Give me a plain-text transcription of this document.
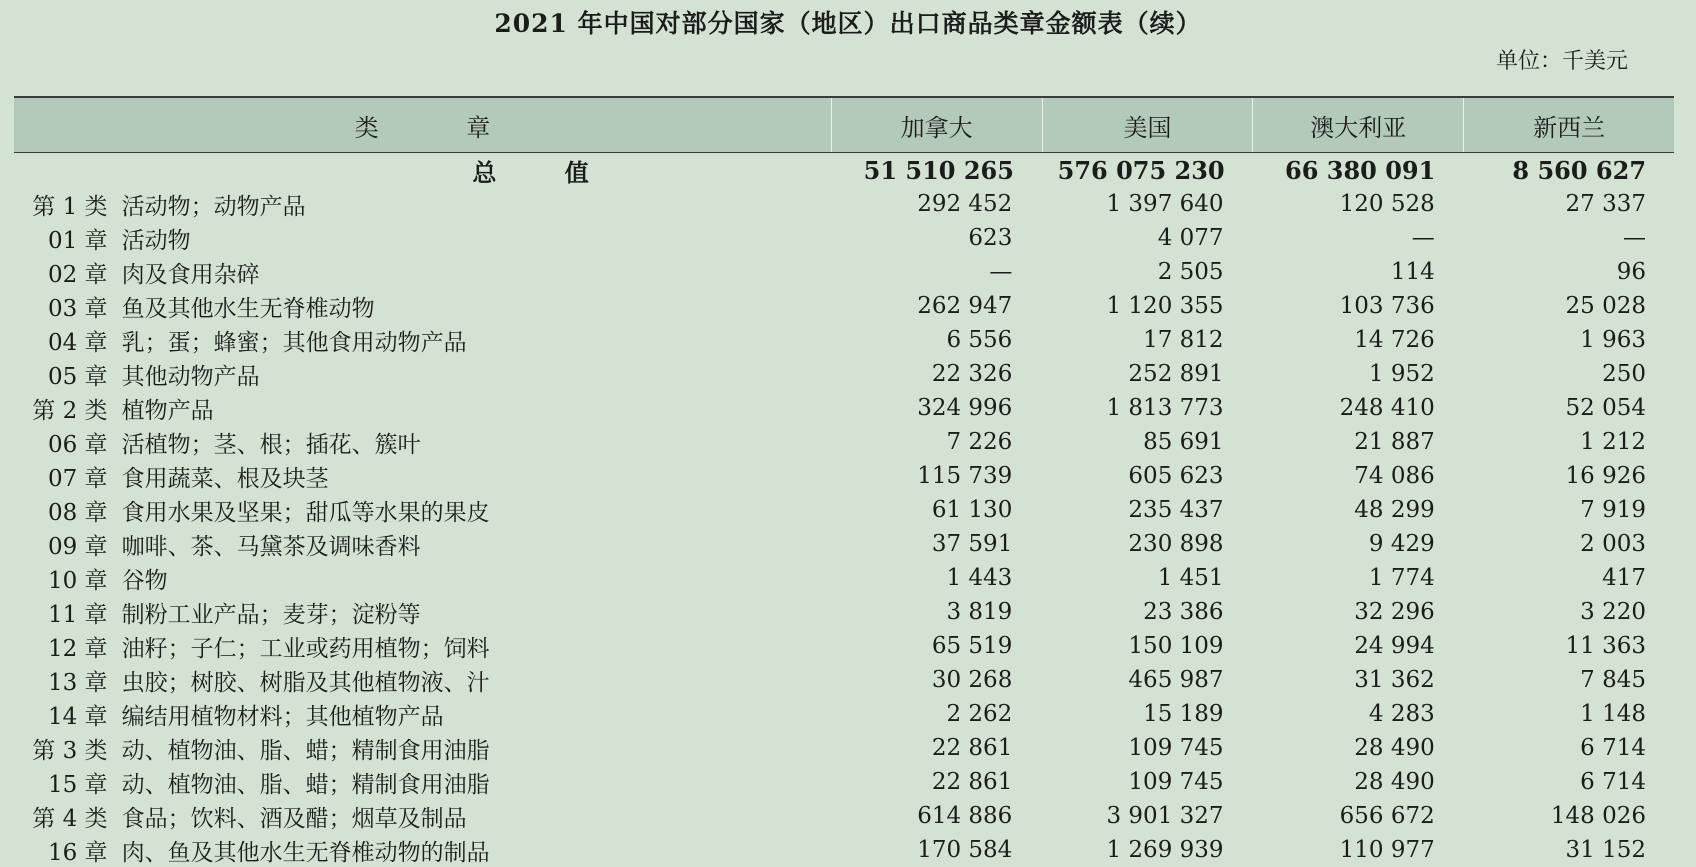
2021 年中国对部分国家（地区）出口商品类章金额表（续）
单位：千美元
类 章	加拿大	美国	澳大利亚	新西兰
总 值	51 510 265	576 075 230	66 380 091	8 560 627
第 1 类 活动物；动物产品	292 452	1 397 640	120 528	27 337
01 章 活动物	623	4 077	—	—
02 章 肉及食用杂碎	—	2 505	114	96
03 章 鱼及其他水生无脊椎动物	262 947	1 120 355	103 736	25 028
04 章 乳；蛋；蜂蜜；其他食用动物产品	6 556	17 812	14 726	1 963
05 章 其他动物产品	22 326	252 891	1 952	250
第 2 类 植物产品	324 996	1 813 773	248 410	52 054
06 章 活植物；茎、根；插花、簇叶	7 226	85 691	21 887	1 212
07 章 食用蔬菜、根及块茎	115 739	605 623	74 086	16 926
08 章 食用水果及坚果；甜瓜等水果的果皮	61 130	235 437	48 299	7 919
09 章 咖啡、茶、马黛茶及调味香料	37 591	230 898	9 429	2 003
10 章 谷物	1 443	1 451	1 774	417
11 章 制粉工业产品；麦芽；淀粉等	3 819	23 386	32 296	3 220
12 章 油籽；子仁；工业或药用植物；饲料	65 519	150 109	24 994	11 363
13 章 虫胶；树胶、树脂及其他植物液、汁	30 268	465 987	31 362	7 845
14 章 编结用植物材料；其他植物产品	2 262	15 189	4 283	1 148
第 3 类 动、植物油、脂、蜡；精制食用油脂	22 861	109 745	28 490	6 714
15 章 动、植物油、脂、蜡；精制食用油脂	22 861	109 745	28 490	6 714
第 4 类 食品；饮料、酒及醋；烟草及制品	614 886	3 901 327	656 672	148 026
16 章 肉、鱼及其他水生无脊椎动物的制品	170 584	1 269 939	110 977	31 152
